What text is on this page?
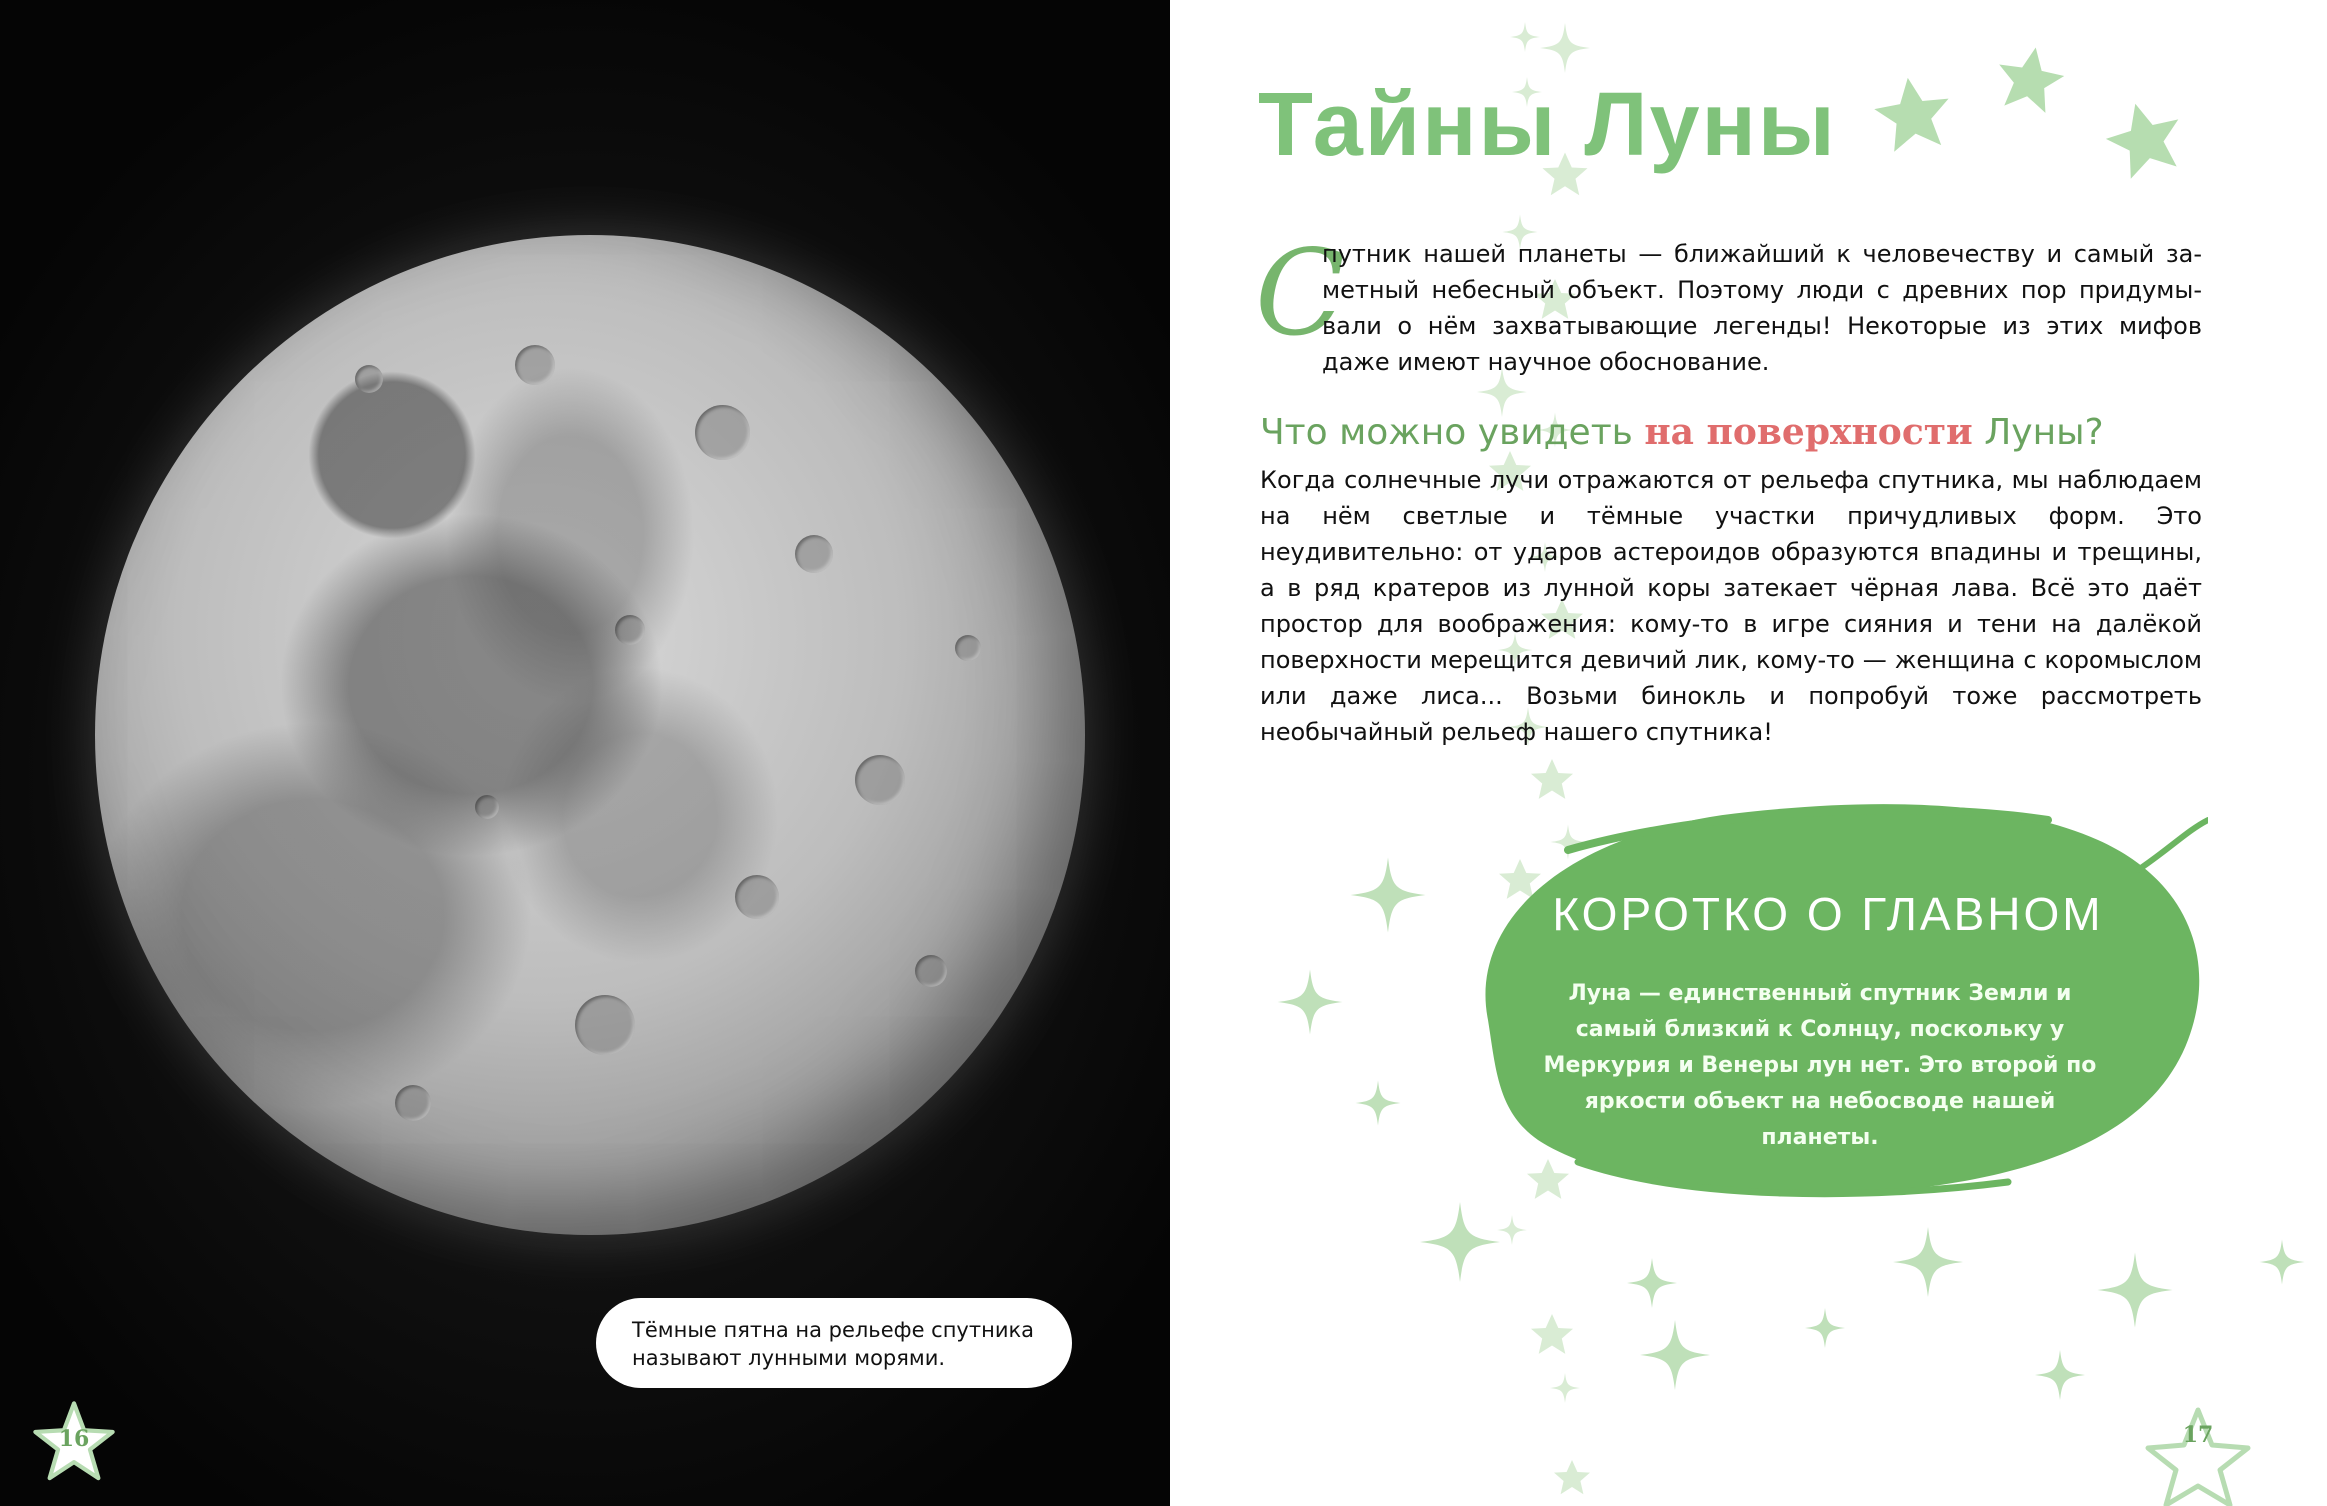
Тёмные пятна на рельефе спутника называют лунными морями.
16
Тайны Луны
С
путник нашей планеты — ближайший к человечеству и самый за-
метный небесный объект. Поэтому люди с древних пор придумы-
вали о нём захватывающие легенды! Некоторые из этих мифов
даже имеют научное обоснование.
Что можно увидеть на поверхности Луны?
Когда солнечные лучи отражаются от рельефа спутника, мы наблюдаем на нём светлые и тёмные участки причудливых форм. Это неудивительно: от ударов астероидов образуются впадины и трещины, а в ряд кратеров из лунной коры затекает чёрная лава. Всё это даёт простор для воображения: кому-то в игре сияния и тени на далёкой поверхности мерещится девичий лик, кому-то — женщина с коромыслом или даже лиса... Возьми бинокль и попробуй тоже рассмотреть необычайный рельеф нашего спутника!
КОРОТКО О ГЛАВНОМ
Луна — единственный спутник Земли и самый близкий к Солнцу, поскольку у Меркурия и Венеры лун нет. Это второй по яркости объект на небосводе нашей планеты.
17
